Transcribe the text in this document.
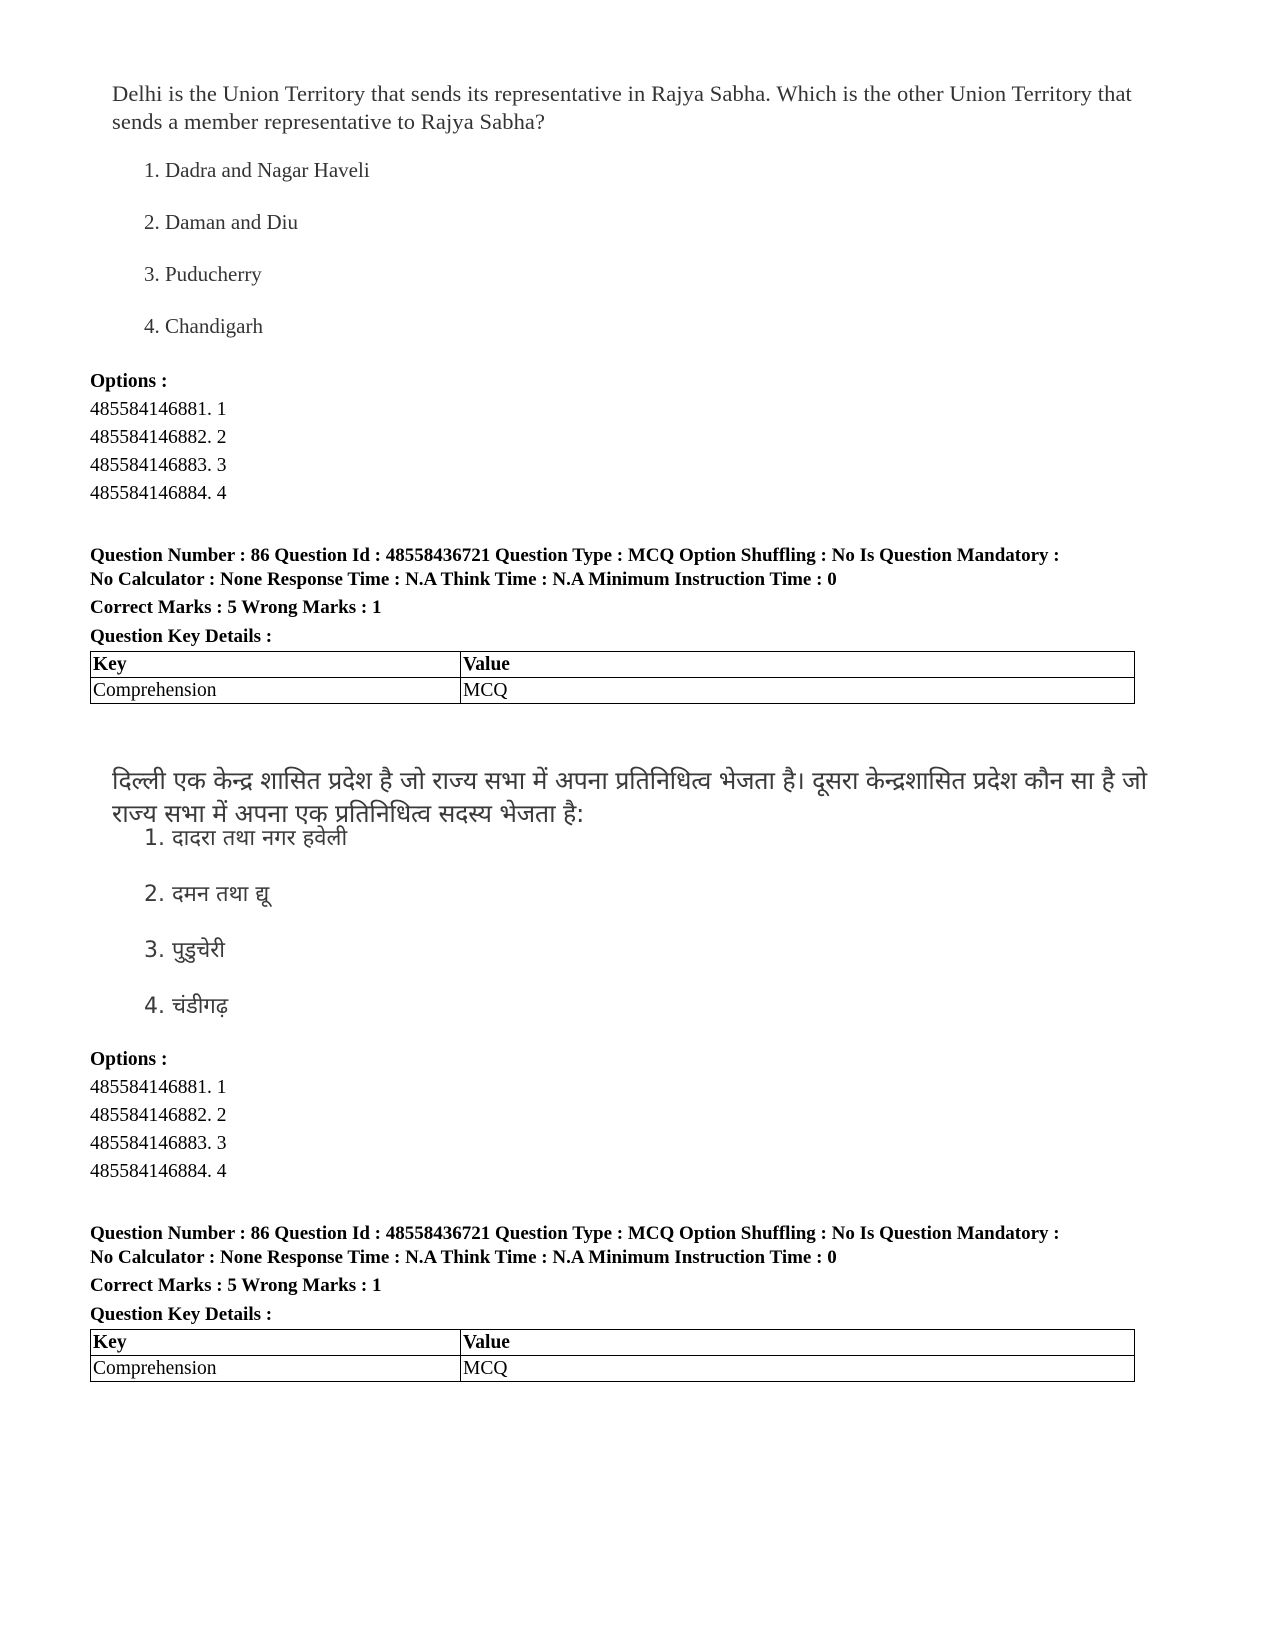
Delhi is the Union Territory that sends its representative in Rajya Sabha. Which is the other Union Territory that sends a member representative to Rajya Sabha?

1. Dadra and Nagar Haveli

2. Daman and Diu

3. Puducherry

4. Chandigarh

Options :

485584146881. 1
485584146882. 2
485584146883. 3
485584146884. 4

Question Number : 86 Question Id : 48558436721 Question Type : MCQ Option Shuffling : No Is Question Mandatory :

No Calculator : None Response Time : N.A Think Time : N.A Minimum Instruction Time : 0

Correct Marks : 5 Wrong Marks : 1

Question Key Details :

Key	Value
Comprehension	MCQ

दिल्ली एक केन्द्र शासित प्रदेश है जो राज्य सभा में अपना प्रतिनिधित्व भेजता है। दूसरा केन्द्रशासित प्रदेश कौन सा है जो राज्य सभा में अपना एक प्रतिनिधित्व सदस्य भेजता है:

1. दादरा तथा नगर हवेली

2. दमन तथा द्यू

3. पुडुचेरी

4. चंडीगढ़

Options :

485584146881. 1
485584146882. 2
485584146883. 3
485584146884. 4

Question Number : 86 Question Id : 48558436721 Question Type : MCQ Option Shuffling : No Is Question Mandatory :

No Calculator : None Response Time : N.A Think Time : N.A Minimum Instruction Time : 0

Correct Marks : 5 Wrong Marks : 1

Question Key Details :

Key	Value
Comprehension	MCQ
